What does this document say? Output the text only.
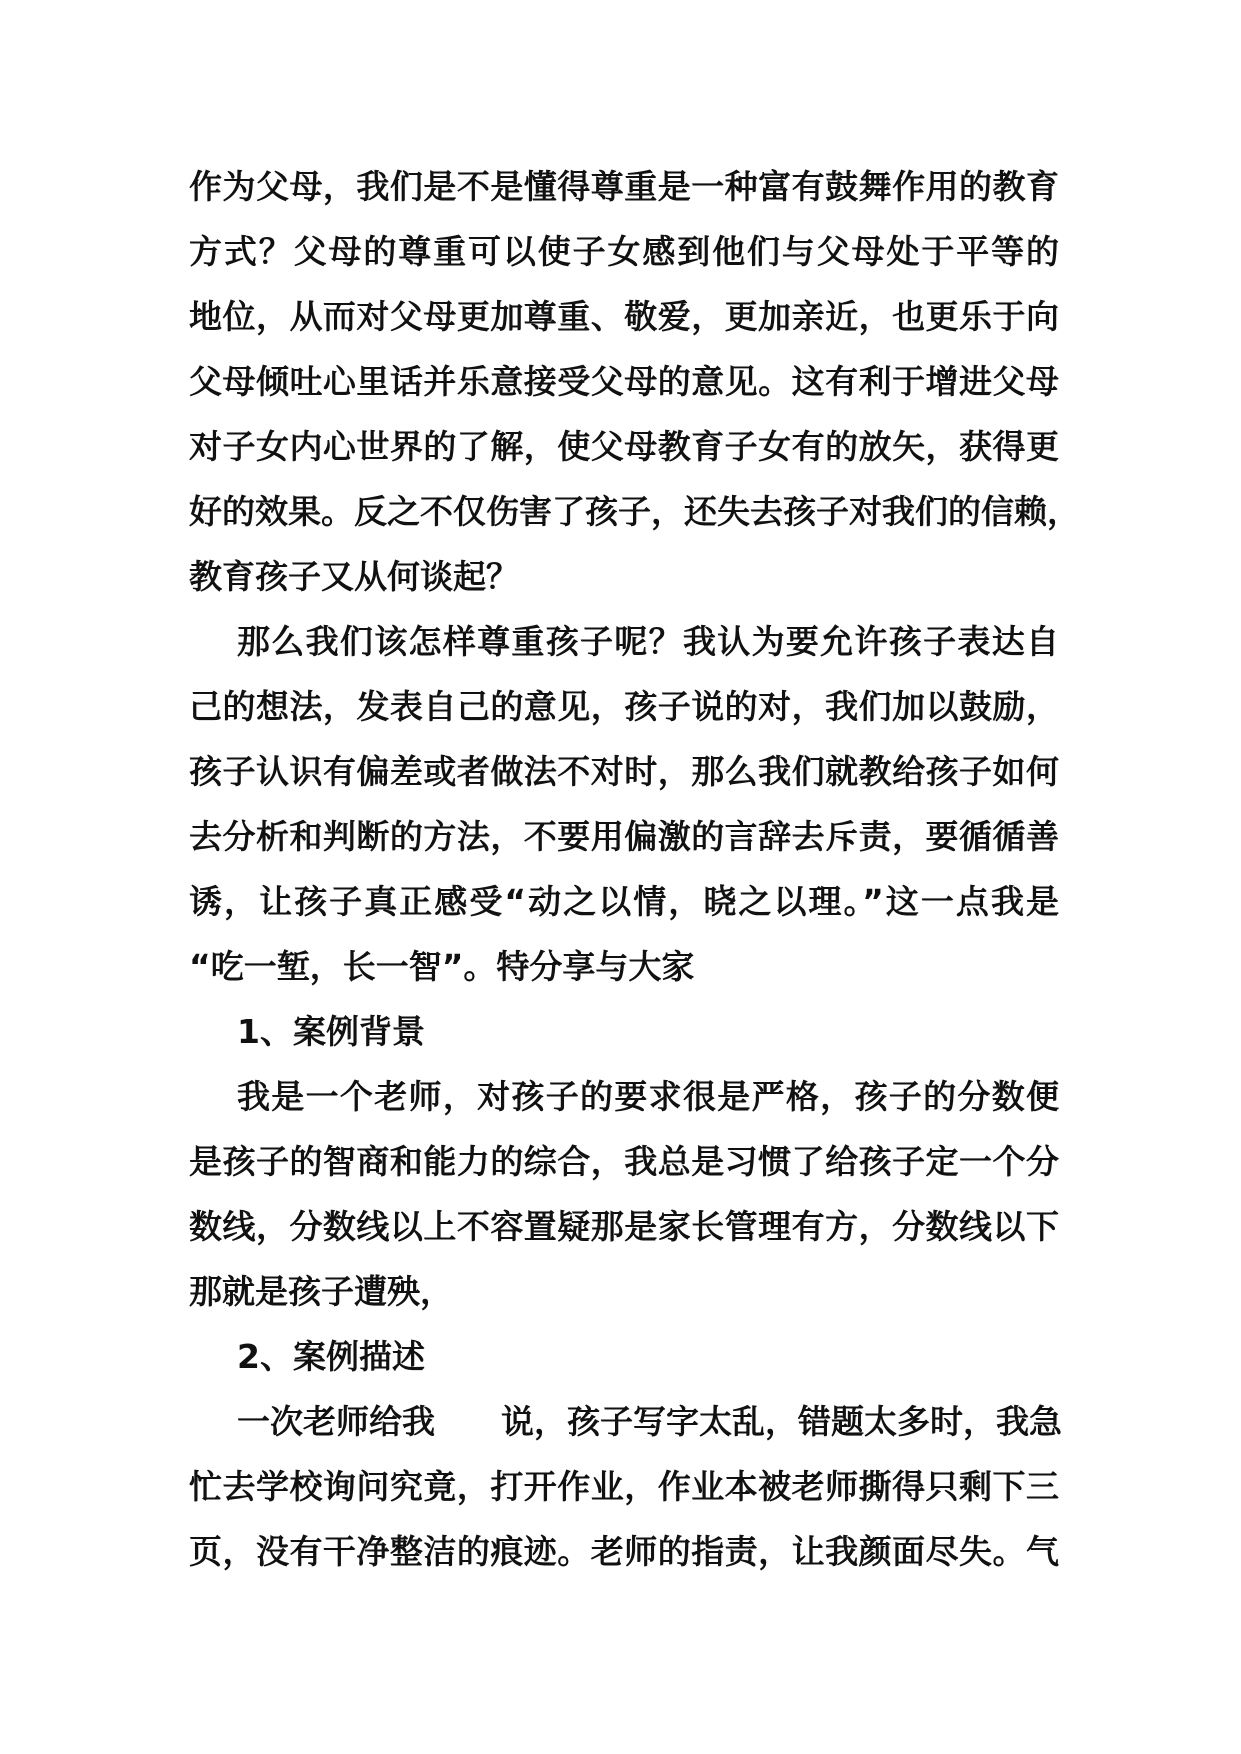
作为父母，我们是不是懂得尊重是一种富有鼓舞作用的教育
方式？父母的尊重可以使子女感到他们与父母处于平等的
地位，从而对父母更加尊重、敬爱，更加亲近，也更乐于向
父母倾吐心里话并乐意接受父母的意见。这有利于增进父母
对子女内心世界的了解，使父母教育子女有的放矢，获得更
好的效果。反之不仅伤害了孩子，还失去孩子对我们的信赖，
教育孩子又从何谈起？
那么我们该怎样尊重孩子呢？我认为要允许孩子表达自
己的想法，发表自己的意见，孩子说的对，我们加以鼓励，
孩子认识有偏差或者做法不对时，那么我们就教给孩子如何
去分析和判断的方法，不要用偏激的言辞去斥责，要循循善
诱，让孩子真正感受“动之以情，晓之以理。”这一点我是
“吃一堑，长一智”。特分享与大家
1、案例背景
我是一个老师，对孩子的要求很是严格，孩子的分数便
是孩子的智商和能力的综合，我总是习惯了给孩子定一个分
数线，分数线以上不容置疑那是家长管理有方，分数线以下
那就是孩子遭殃，
2、案例描述
一次老师给我　　说，孩子写字太乱，错题太多时，我急
忙去学校询问究竟，打开作业，作业本被老师撕得只剩下三
页，没有干净整洁的痕迹。老师的指责，让我颜面尽失。气
